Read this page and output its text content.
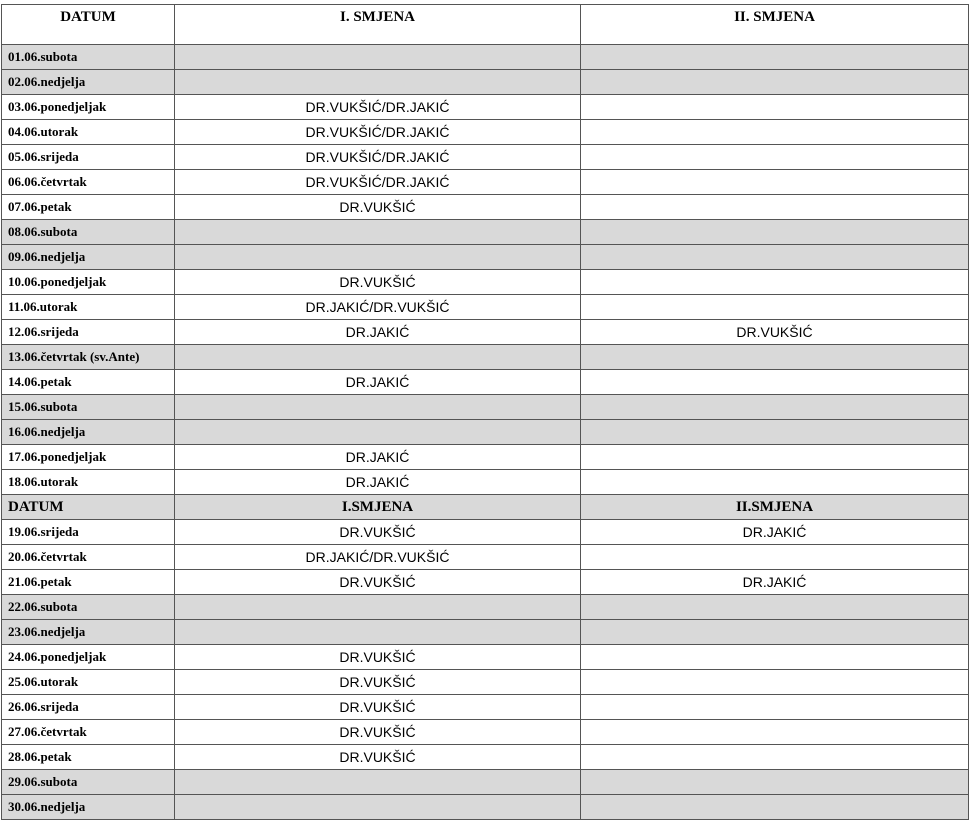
DATUM	I. SMJENA	II. SMJENA
01.06.subota		
02.06.nedjelja		
03.06.ponedjeljak	DR.VUKŠIĆ/DR.JAKIĆ	
04.06.utorak	DR.VUKŠIĆ/DR.JAKIĆ	
05.06.srijeda	DR.VUKŠIĆ/DR.JAKIĆ	
06.06.četvrtak	DR.VUKŠIĆ/DR.JAKIĆ	
07.06.petak	DR.VUKŠIĆ	
08.06.subota		
09.06.nedjelja		
10.06.ponedjeljak	DR.VUKŠIĆ	
11.06.utorak	DR.JAKIĆ/DR.VUKŠIĆ	
12.06.srijeda	DR.JAKIĆ	DR.VUKŠIĆ
13.06.četvrtak (sv.Ante)		
14.06.petak	DR.JAKIĆ	
15.06.subota		
16.06.nedjelja		
17.06.ponedjeljak	DR.JAKIĆ	
18.06.utorak	DR.JAKIĆ	
DATUM	I.SMJENA	II.SMJENA
19.06.srijeda	DR.VUKŠIĆ	DR.JAKIĆ
20.06.četvrtak	DR.JAKIĆ/DR.VUKŠIĆ	
21.06.petak	DR.VUKŠIĆ	DR.JAKIĆ
22.06.subota		
23.06.nedjelja		
24.06.ponedjeljak	DR.VUKŠIĆ	
25.06.utorak	DR.VUKŠIĆ	
26.06.srijeda	DR.VUKŠIĆ	
27.06.četvrtak	DR.VUKŠIĆ	
28.06.petak	DR.VUKŠIĆ	
29.06.subota		
30.06.nedjelja		
